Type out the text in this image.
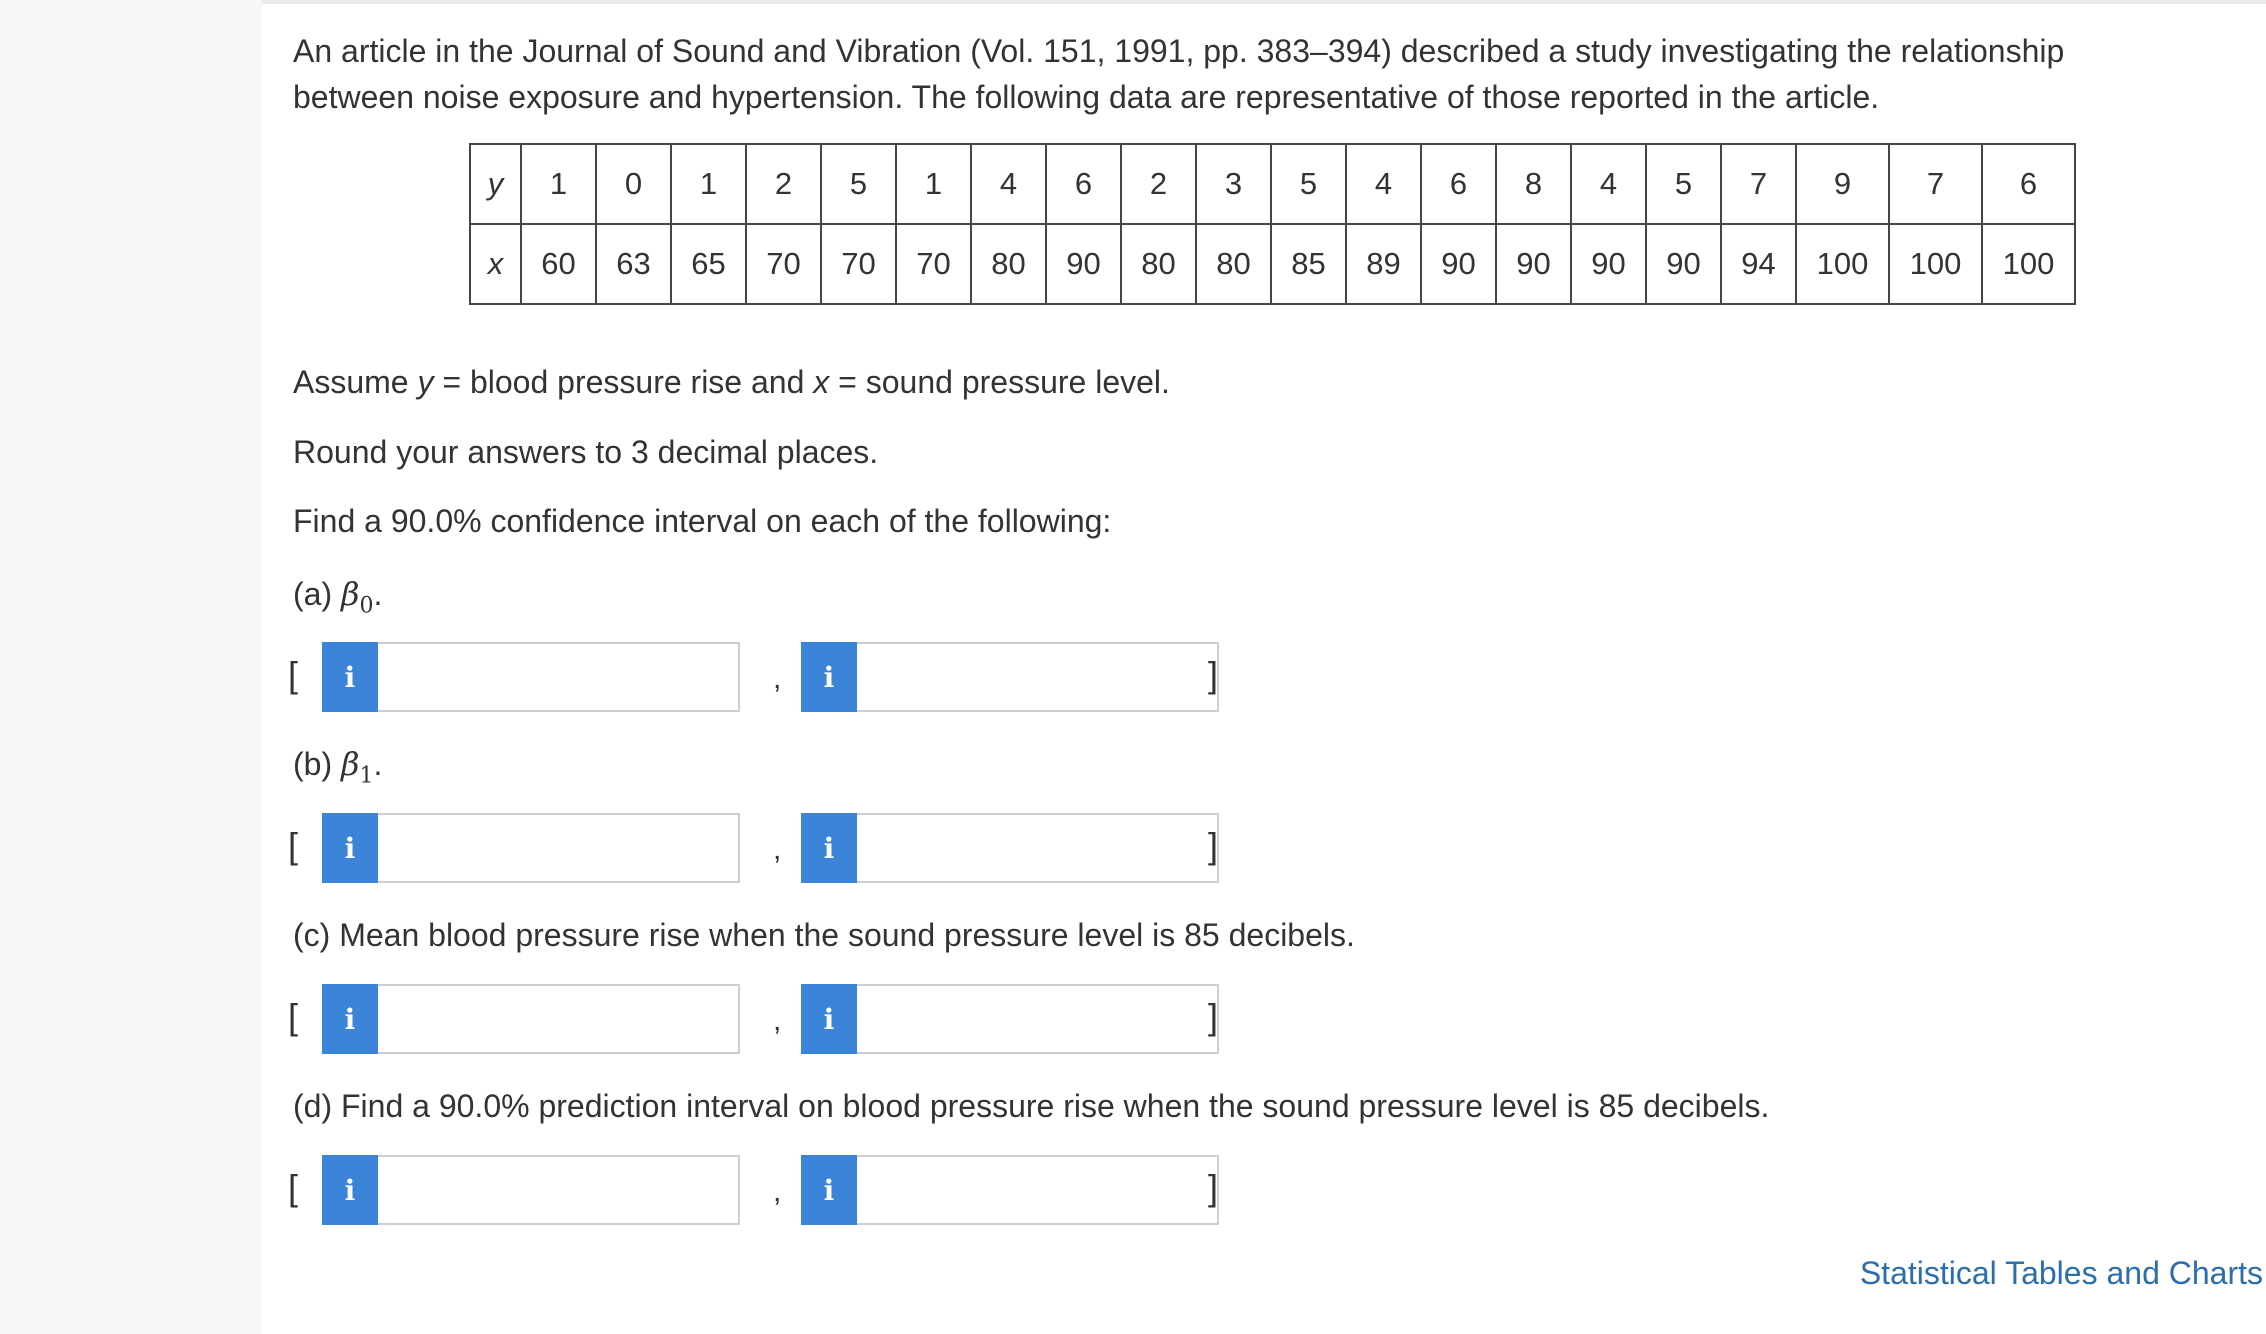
An article in the Journal of Sound and Vibration (Vol. 151, 1991, pp. 383–394) described a study investigating the relationship

between noise exposure and hypertension. The following data are representative of those reported in the article.

y	1	0	1	2	5	1	4	6	2	3	5	4	6	8	4	5	7	9	7	6
x	60	63	65	70	70	70	80	90	80	80	85	89	90	90	90	90	94	100	100	100
Assume y = blood pressure rise and x = sound pressure level.
Round your answers to 3 decimal places.
Find a 90.0% confidence interval on each of the following:
(a) $\beta_0$.
[	i	,	i	]
(b) $\beta_1$.
[	i	,	i	]
(c) Mean blood pressure rise when the sound pressure level is 85 decibels.
[	i	,	i	]
(d) Find a 90.0% prediction interval on blood pressure rise when the sound pressure level is 85 decibels.
[	i	,	i	]
Statistical Tables and Charts
